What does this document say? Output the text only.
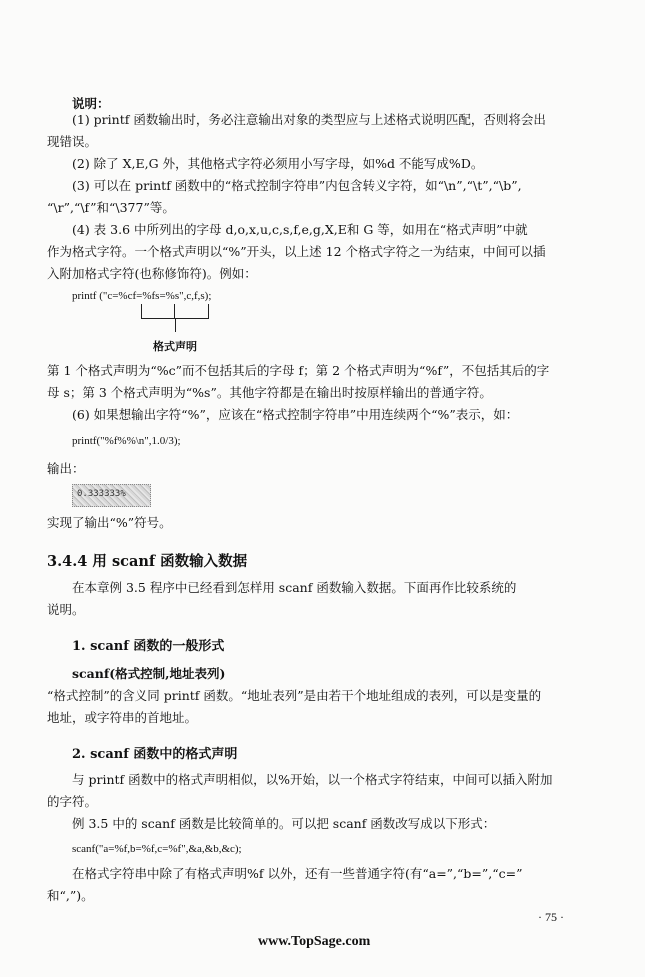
说明：
(1) printf 函数输出时，务必注意输出对象的类型应与上述格式说明匹配，否则将会出
现错误。
(2) 除了 X,E,G 外，其他格式字符必须用小写字母，如%d 不能写成%D。
(3) 可以在 printf 函数中的“格式控制字符串”内包含转义字符，如“\n”,“\t”,“\b”,
“\r”,“\f”和“\377”等。
(4) 表 3.6 中所列出的字母 d,o,x,u,c,s,f,e,g,X,E和 G 等，如用在“格式声明”中就
作为格式字符。一个格式声明以“%”开头，以上述 12 个格式字符之一为结束，中间可以插
入附加格式字符(也称修饰符)。例如：
printf ("c=%cf=%fs=%s",c,f,s);
格式声明
第 1 个格式声明为“%c”而不包括其后的字母 f；第 2 个格式声明为“%f”，不包括其后的字
母 s；第 3 个格式声明为“%s”。其他字符都是在输出时按原样输出的普通字符。
(6) 如果想输出字符“%”，应该在“格式控制字符串”中用连续两个“%”表示，如：
printf("%f%%\n",1.0/3);
输出：
0.333333%
实现了输出“%”符号。
3.4.4 用 scanf 函数输入数据
在本章例 3.5 程序中已经看到怎样用 scanf 函数输入数据。下面再作比较系统的
说明。
1. scanf 函数的一般形式
scanf(格式控制,地址表列)
“格式控制”的含义同 printf 函数。“地址表列”是由若干个地址组成的表列，可以是变量的
地址，或字符串的首地址。
2. scanf 函数中的格式声明
与 printf 函数中的格式声明相似，以%开始，以一个格式字符结束，中间可以插入附加
的字符。
例 3.5 中的 scanf 函数是比较简单的。可以把 scanf 函数改写成以下形式：
scanf("a=%f,b=%f,c=%f",&a,&b,&c);
在格式字符串中除了有格式声明%f 以外，还有一些普通字符(有“a=”,“b=”,“c=”
和“,”)。
· 75 ·
www.TopSage.com
